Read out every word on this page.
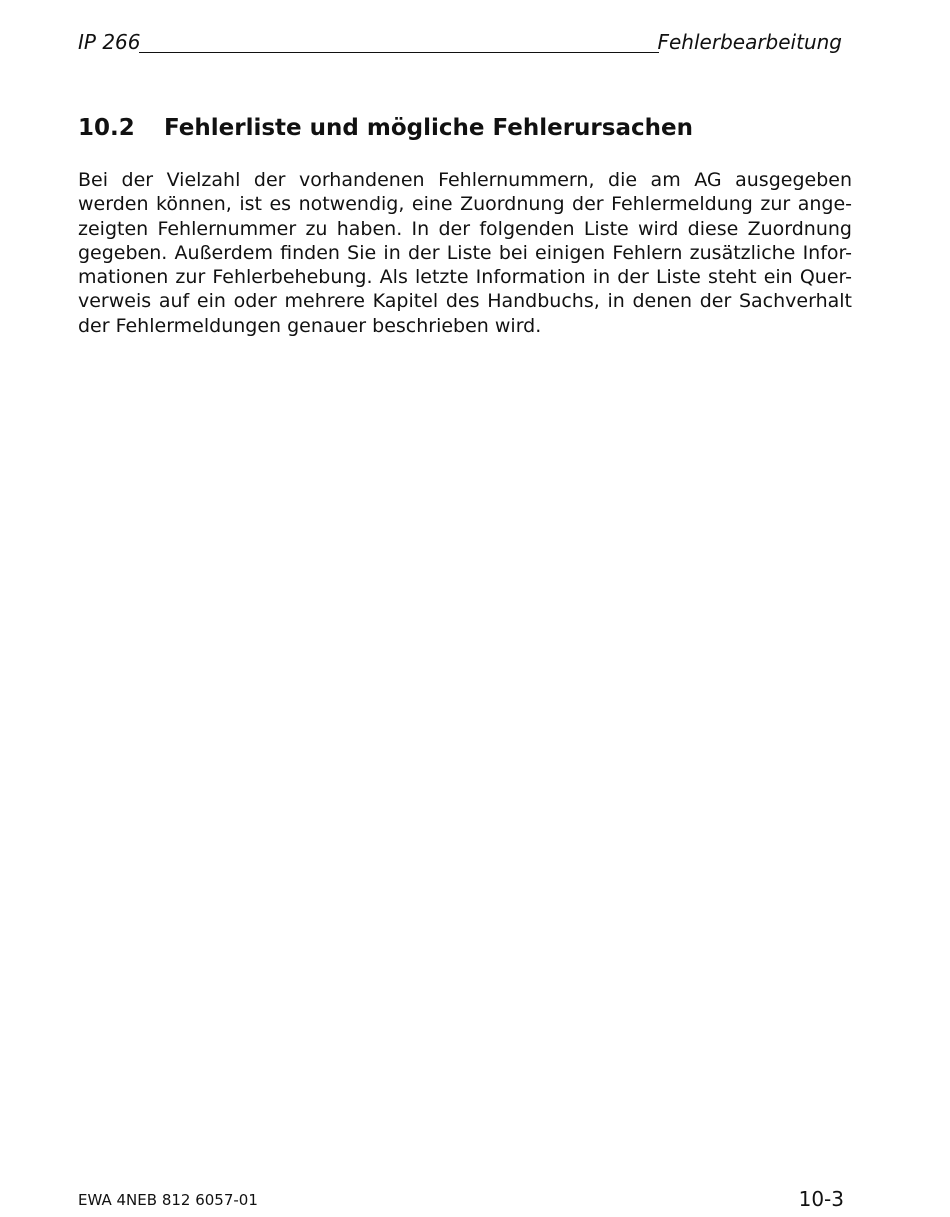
IP 266	Fehlerbearbeitung
10.2 Fehlerliste und mögliche Fehlerursachen

Bei der Vielzahl der vorhandenen Fehlernummern, die am AG ausgegeben
werden können, ist es notwendig, eine Zuordnung der Fehlermeldung zur ange-
zeigten Fehlernummer zu haben. In der folgenden Liste wird diese Zuordnung
gegeben. Außerdem finden Sie in der Liste bei einigen Fehlern zusätzliche Infor-
mationen zur Fehlerbehebung. Als letzte Information in der Liste steht ein Quer-
verweis auf ein oder mehrere Kapitel des Handbuchs, in denen der Sachverhalt
der Fehlermeldungen genauer beschrieben wird.

EWA 4NEB 812 6057-01	10-3
